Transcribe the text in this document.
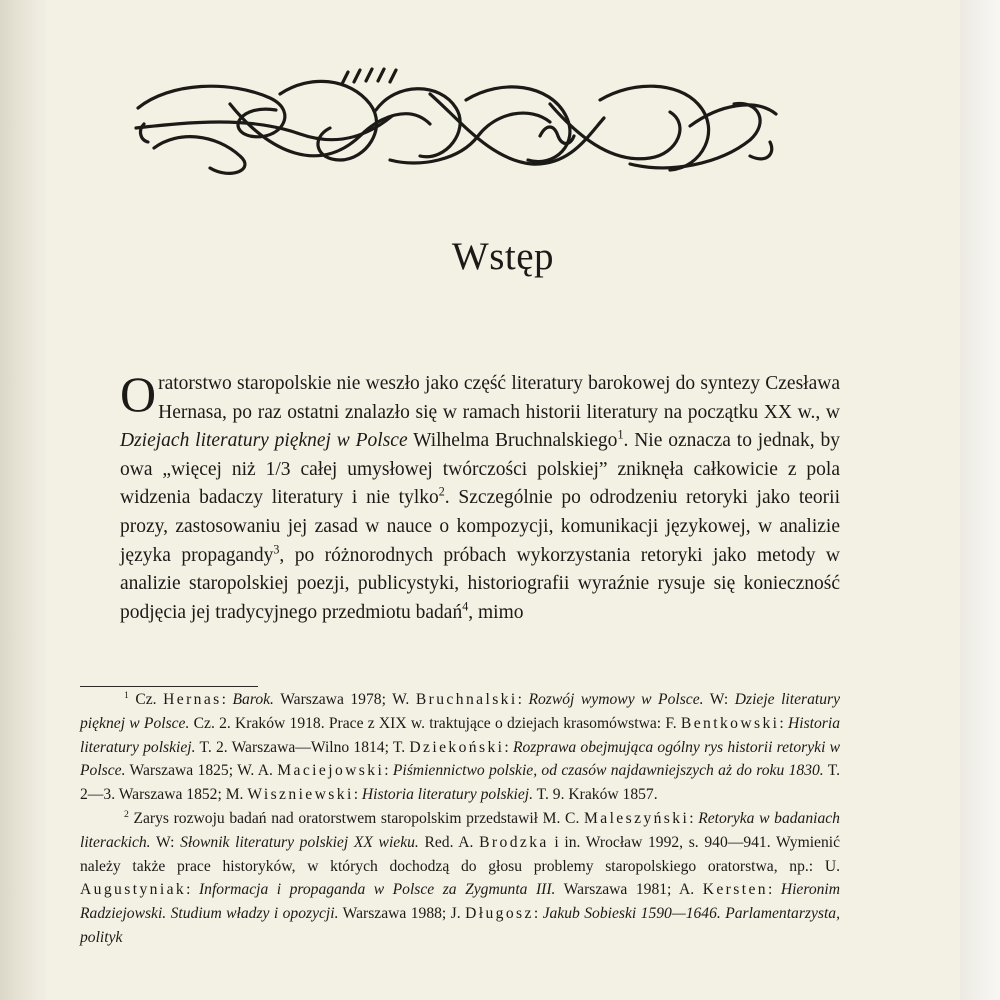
Wstęp

Oratorstwo staropolskie nie weszło jako część literatury barokowej do syntezy Czesława Hernasa, po raz ostatni znalazło się w ramach historii literatury na początku XX w., w Dziejach literatury pięknej w Polsce Wilhelma Bruchnalskiego$^1$. Nie oznacza to jednak, by owa „więcej niż 1/3 całej umysłowej twórczości polskiej” zniknęła całkowicie z pola widzenia badaczy literatury i nie tylko$^2$. Szczególnie po odrodzeniu retoryki jako teorii prozy, zastosowaniu jej zasad w nauce o kompozycji, komunikacji językowej, w analizie języka propagandy$^3$, po różnorodnych próbach wykorzystania retoryki jako metody w analizie staropolskiej poezji, publicystyki, historiografii wyraźnie rysuje się konieczność podjęcia jej tradycyjnego przedmiotu badań$^4$, mimo

$^1$ Cz. Hernas: Barok. Warszawa 1978; W. Bruchnalski: Rozwój wymowy w Polsce. W: Dzieje literatury pięknej w Polsce. Cz. 2. Kraków 1918. Prace z XIX w. traktujące o dziejach krasomówstwa: F. Bentkowski: Historia literatury polskiej. T. 2. Warszawa—Wilno 1814; T. Dziekoński: Rozprawa obejmująca ogólny rys historii retoryki w Polsce. Warszawa 1825; W. A. Maciejowski: Piśmiennictwo polskie, od czasów najdawniejszych aż do roku 1830. T. 2—3. Warszawa 1852; M. Wiszniewski: Historia literatury polskiej. T. 9. Kraków 1857.

$^2$ Zarys rozwoju badań nad oratorstwem staropolskim przedstawił M. C. Maleszyński: Retoryka w badaniach literackich. W: Słownik literatury polskiej XX wieku. Red. A. Brodzka i in. Wrocław 1992, s. 940—941. Wymienić należy także prace historyków, w których dochodzą do głosu problemy staropolskiego oratorstwa, np.: U. Augustyniak: Informacja i propaganda w Polsce za Zygmunta III. Warszawa 1981; A. Kersten: Hieronim Radziejowski. Studium władzy i opozycji. Warszawa 1988; J. Długosz: Jakub Sobieski 1590—1646. Parlamentarzysta, polityk
